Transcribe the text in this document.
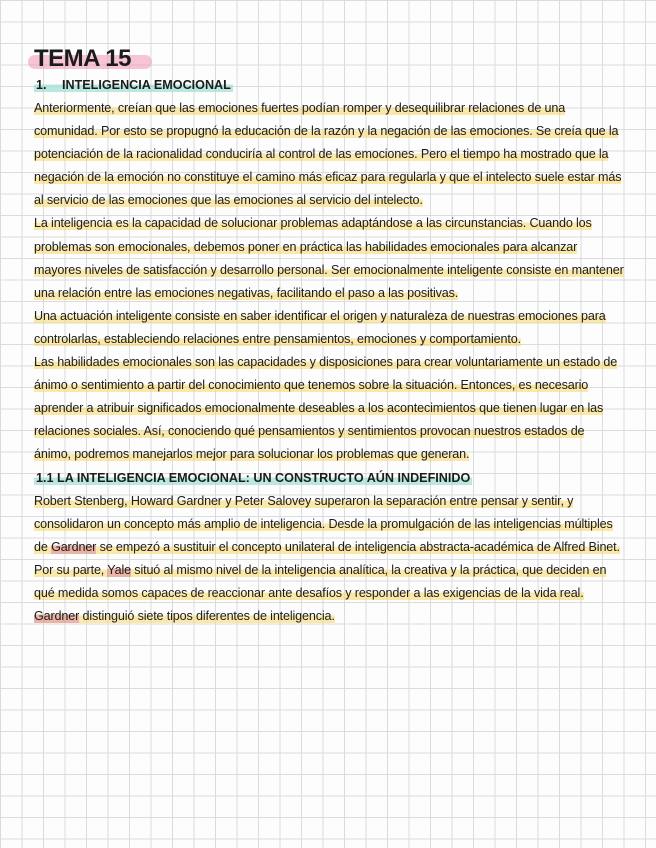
TEMA 15
1. INTELIGENCIA EMOCIONAL

Anteriormente, creían que las emociones fuertes podían romper y desequilibrar relaciones de una comunidad. Por esto se propugnó la educación de la razón y la negación de las emociones. Se creía que la potenciación de la racionalidad conduciría al control de las emociones. Pero el tiempo ha mostrado que la negación de la emoción no constituye el camino más eficaz para regularla y que el intelecto suele estar más al servicio de las emociones que las emociones al servicio del intelecto.

La inteligencia es la capacidad de solucionar problemas adaptándose a las circunstancias. Cuando los problemas son emocionales, debemos poner en práctica las habilidades emocionales para alcanzar mayores niveles de satisfacción y desarrollo personal. Ser emocionalmente inteligente consiste en mantener una relación entre las emociones negativas, facilitando el paso a las positivas.

Una actuación inteligente consiste en saber identificar el origen y naturaleza de nuestras emociones para controlarlas, estableciendo relaciones entre pensamientos, emociones y comportamiento.

Las habilidades emocionales son las capacidades y disposiciones para crear voluntariamente un estado de ánimo o sentimiento a partir del conocimiento que tenemos sobre la situación. Entonces, es necesario aprender a atribuir significados emocionalmente deseables a los acontecimientos que tienen lugar en las relaciones sociales. Así, conociendo qué pensamientos y sentimientos provocan nuestros estados de ánimo, podremos manejarlos mejor para solucionar los problemas que generan.

1.1 LA INTELIGENCIA EMOCIONAL: UN CONSTRUCTO AÚN INDEFINIDO

Robert Stenberg, Howard Gardner y Peter Salovey superaron la separación entre pensar y sentir, y consolidaron un concepto más amplio de inteligencia. Desde la promulgación de las inteligencias múltiples de Gardner se empezó a sustituir el concepto unilateral de inteligencia abstracta-académica de Alfred Binet. Por su parte, Yale situó al mismo nivel de la inteligencia analítica, la creativa y la práctica, que deciden en qué medida somos capaces de reaccionar ante desafíos y responder a las exigencias de la vida real. Gardner distinguió siete tipos diferentes de inteligencia.
